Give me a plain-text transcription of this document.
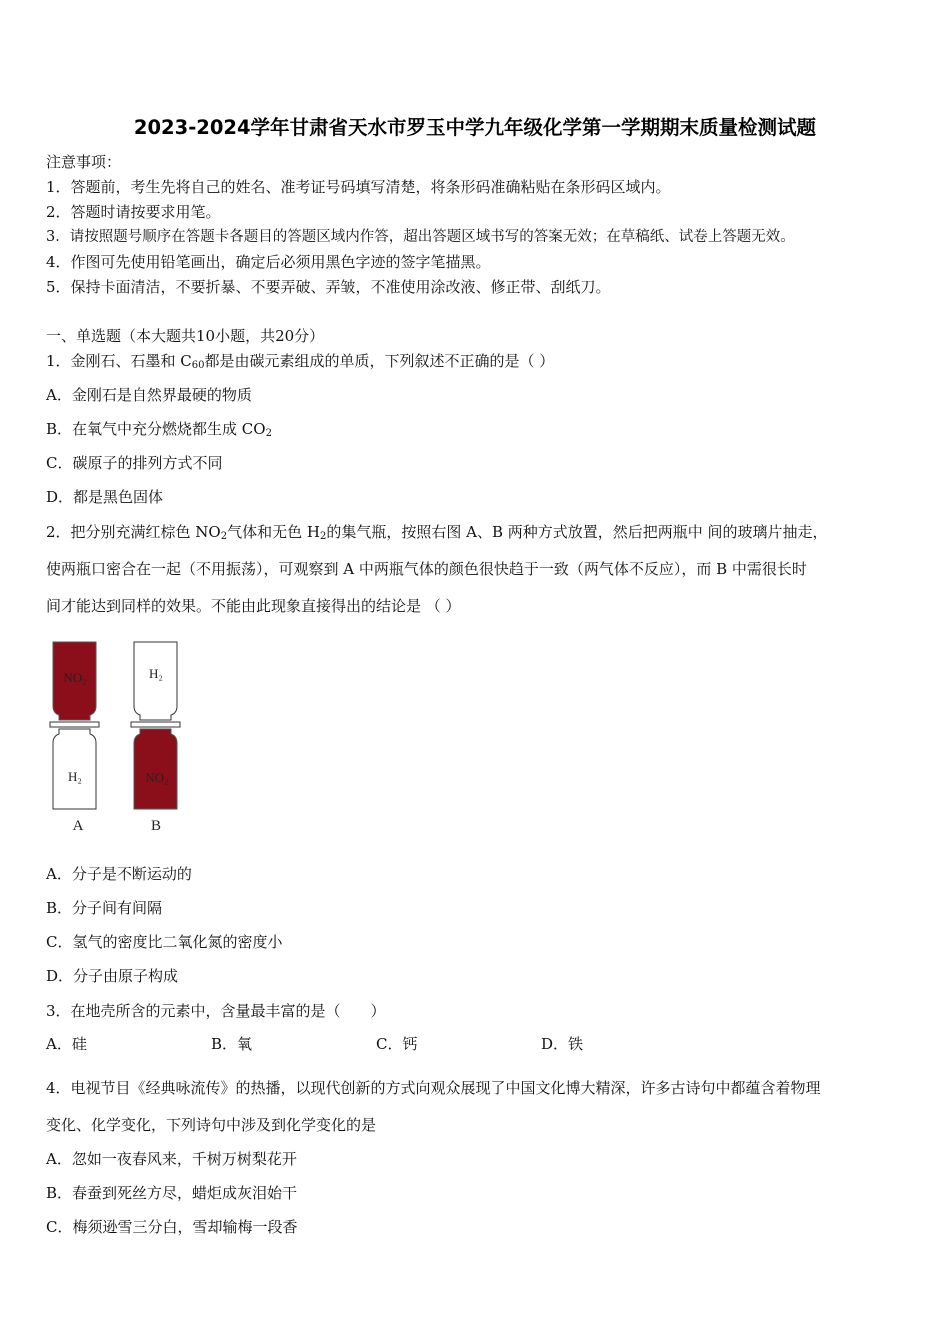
2023-2024学年甘肃省天水市罗玉中学九年级化学第一学期期末质量检测试题
注意事项：
1．答题前，考生先将自己的姓名、准考证号码填写清楚，将条形码准确粘贴在条形码区域内。
2．答题时请按要求用笔。
3．请按照题号顺序在答题卡各题目的答题区域内作答，超出答题区域书写的答案无效；在草稿纸、试卷上答题无效。
4．作图可先使用铅笔画出，确定后必须用黑色字迹的签字笔描黑。
5．保持卡面清洁，不要折暴、不要弄破、弄皱，不准使用涂改液、修正带、刮纸刀。
一、单选题（本大题共10小题，共20分）
1．金刚石、石墨和 $C_{60}$都是由碳元素组成的单质，下列叙述不正确的是（ ）
A．金刚石是自然界最硬的物质
B．在氧气中充分燃烧都生成 $CO_2$
C．碳原子的排列方式不同
D．都是黑色固体
2．把分别充满红棕色 $NO_2$气体和无色 $H_2$的集气瓶，按照右图 A、B 两种方式放置，然后把两瓶中 间的玻璃片抽走，
使两瓶口密合在一起（不用振荡），可观察到 A 中两瓶气体的颜色很快趋于一致（两气体不反应），而 B 中需很长时
间才能达到同样的效果。不能由此现象直接得出的结论是 （ ）
NO₂
H₂
A
H₂
NO₂
B
A．分子是不断运动的
B．分子间有间隔
C．氢气的密度比二氧化氮的密度小
D．分子由原子构成
3．在地壳所含的元素中，含量最丰富的是（　　）
A．硅	B．氧	C．钙	D．铁
4．电视节目《经典咏流传》的热播，以现代创新的方式向观众展现了中国文化博大精深，许多古诗句中都蕴含着物理
变化、化学变化，下列诗句中涉及到化学变化的是
A．忽如一夜春风来，千树万树梨花开
B．春蚕到死丝方尽，蜡炬成灰泪始干
C．梅须逊雪三分白，雪却输梅一段香
